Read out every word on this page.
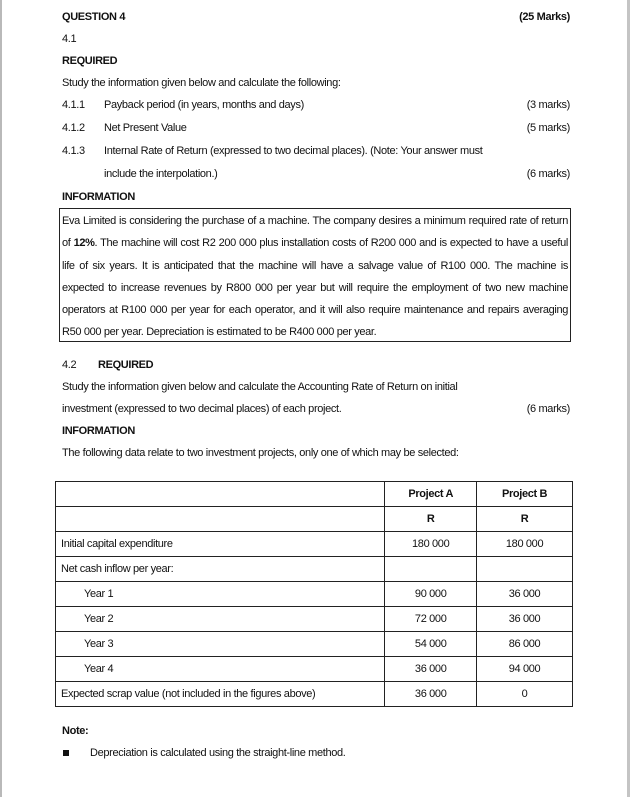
QUESTION 4	(25 Marks)
4.1
REQUIRED
Study the information given below and calculate the following:
4.1.1 Payback period (in years, months and days)	(3 marks)
4.1.2 Net Present Value	(5 marks)
4.1.3 Internal Rate of Return (expressed to two decimal places). (Note: Your answer must
include the interpolation.)	(6 marks)
INFORMATION

Eva Limited is considering the purchase of a machine. The company desires a minimum required rate of return of 12%. The machine will cost R2 200 000 plus installation costs of R200 000 and is expected to have a useful life of six years. It is anticipated that the machine will have a salvage value of R100 000. The machine is expected to increase revenues by R800 000 per year but will require the employment of two new machine operators at R100 000 per year for each operator, and it will also require maintenance and repairs averaging R50 000 per year. Depreciation is estimated to be R400 000 per year.

4.2 REQUIRED
Study the information given below and calculate the Accounting Rate of Return on initial
investment (expressed to two decimal places) of each project.	(6 marks)
INFORMATION
The following data relate to two investment projects, only one of which may be selected:
	Project A	Project B
	R	R
Initial capital expenditure	180 000	180 000
Net cash inflow per year:		
Year 1	90 000	36 000
Year 2	72 000	36 000
Year 3	54 000	86 000
Year 4	36 000	94 000
Expected scrap value (not included in the figures above)	36 000	0
Note:
Depreciation is calculated using the straight-line method.
